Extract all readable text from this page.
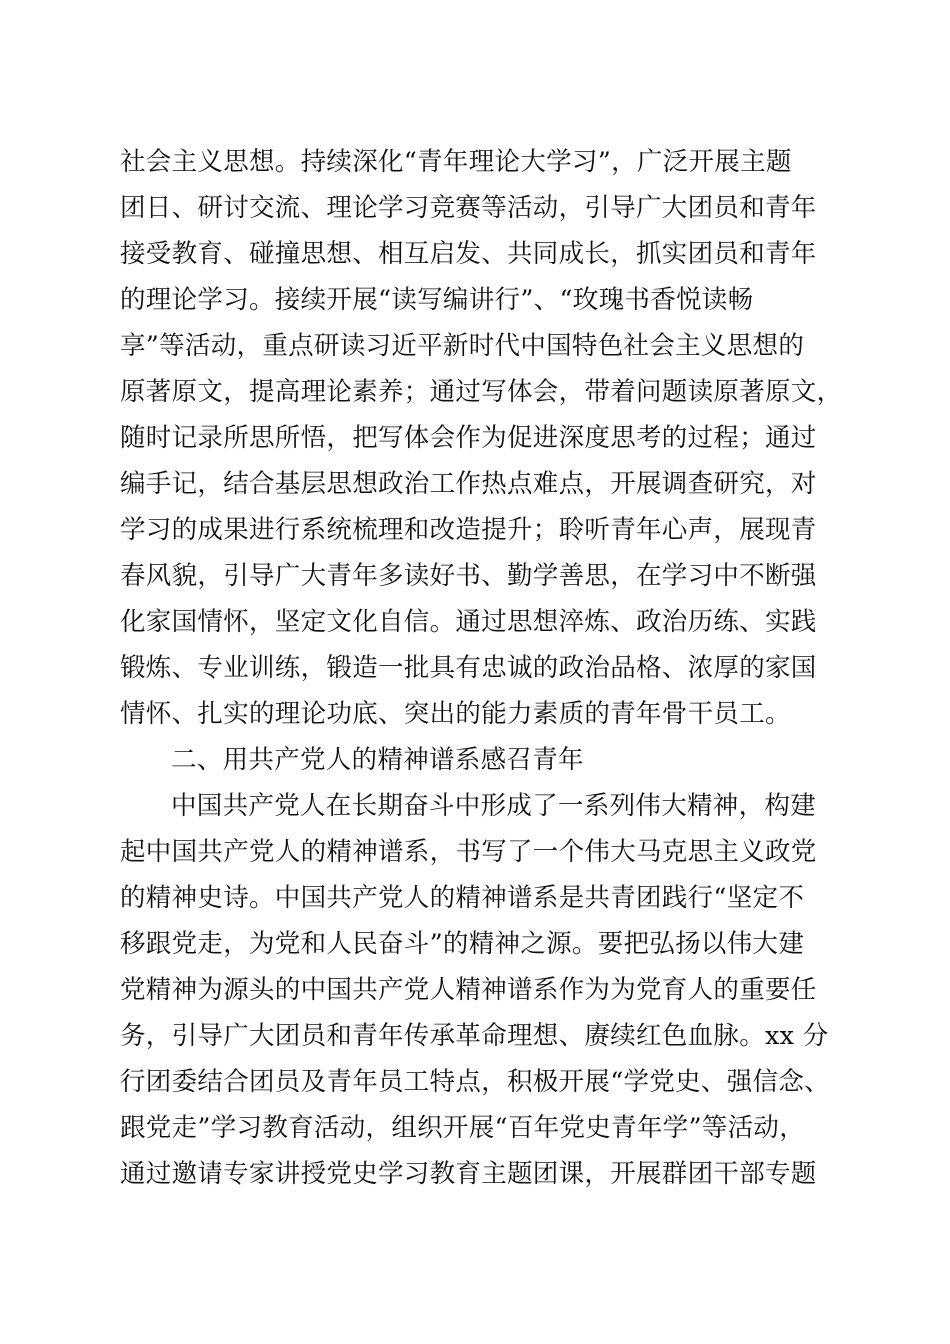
社会主义思想。持续深化“青年理论大学习”，广泛开展主题
团日、研讨交流、理论学习竞赛等活动，引导广大团员和青年
接受教育、碰撞思想、相互启发、共同成长，抓实团员和青年
的理论学习。接续开展“读写编讲行”、“玫瑰书香悦读畅
享”等活动，重点研读习近平新时代中国特色社会主义思想的
原著原文，提高理论素养；通过写体会，带着问题读原著原文，
随时记录所思所悟，把写体会作为促进深度思考的过程；通过
编手记，结合基层思想政治工作热点难点，开展调查研究，对
学习的成果进行系统梳理和改造提升；聆听青年心声，展现青
春风貌，引导广大青年多读好书、勤学善思，在学习中不断强
化家国情怀，坚定文化自信。通过思想淬炼、政治历练、实践
锻炼、专业训练，锻造一批具有忠诚的政治品格、浓厚的家国
情怀、扎实的理论功底、突出的能力素质的青年骨干员工。
二、用共产党人的精神谱系感召青年
中国共产党人在长期奋斗中形成了一系列伟大精神，构建
起中国共产党人的精神谱系，书写了一个伟大马克思主义政党
的精神史诗。中国共产党人的精神谱系是共青团践行“坚定不
移跟党走，为党和人民奋斗”的精神之源。要把弘扬以伟大建
党精神为源头的中国共产党人精神谱系作为为党育人的重要任
务，引导广大团员和青年传承革命理想、赓续红色血脉。xx 分
行团委结合团员及青年员工特点，积极开展“学党史、强信念、
跟党走”学习教育活动，组织开展“百年党史青年学”等活动，
通过邀请专家讲授党史学习教育主题团课，开展群团干部专题
